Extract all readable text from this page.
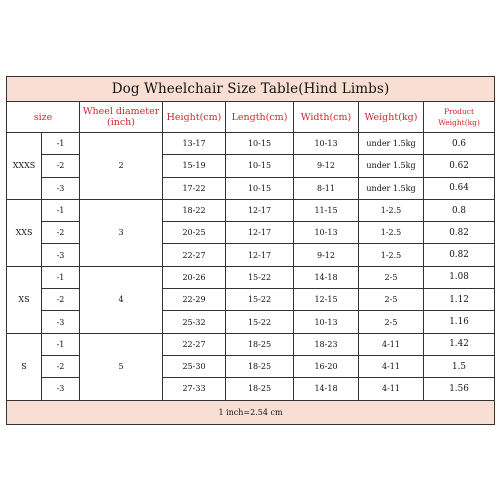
Dog Wheelchair Size Table(Hind Limbs)							
size		Wheel diameter (inch)	Height(cm)	Length(cm)	Width(cm)	Weight(kg)	Product Weight(kg)
XXXS	-1	2	13-17	10-15	10-13	under 1.5kg	0.6
	-2		15-19	10-15	9-12	under 1.5kg	0.62
	-3		17-22	10-15	8-11	under 1.5kg	0.64
XXS	-1	3	18-22	12-17	11-15	1-2.5	0.8
	-2		20-25	12-17	10-13	1-2.5	0.82
	-3		22-27	12-17	9-12	1-2.5	0.82
XS	-1	4	20-26	15-22	14-18	2-5	1.08
	-2		22-29	15-22	12-15	2-5	1.12
	-3		25-32	15-22	10-13	2-5	1.16
S	-1	5	22-27	18-25	18-23	4-11	1.42
	-2		25-30	18-25	16-20	4-11	1.5
	-3		27-33	18-25	14-18	4-11	1.56
1 inch=2.54 cm							
